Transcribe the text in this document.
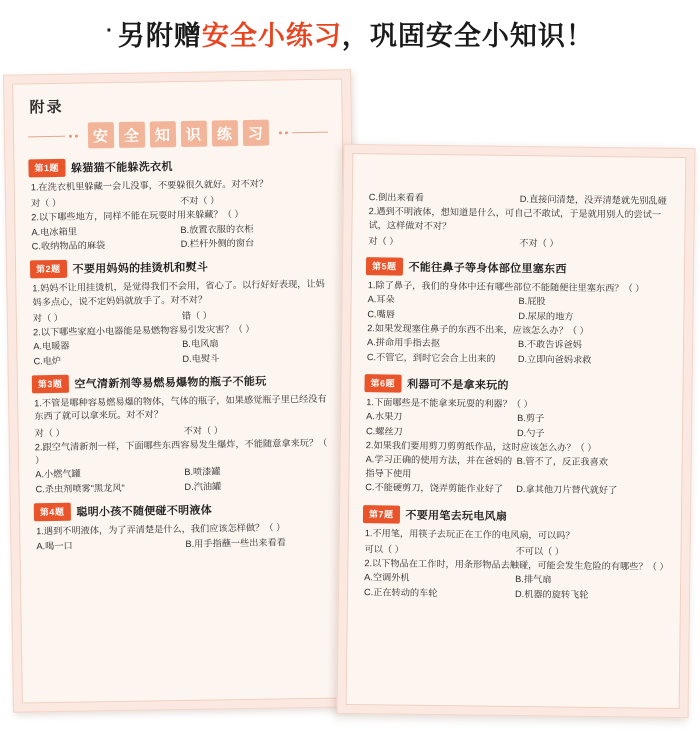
· 另附赠 安全小练习 ，巩固安全小知识！
附录
安	全	知	识	练	习
第1题	躲猫猫不能躲洗衣机
1.在洗衣机里躲藏一会儿没事，不要躲很久就好。对不对？
对（ ）	不对（ ）
2.以下哪些地方，同样不能在玩耍时用来躲藏？（ ）
A.电冰箱里	B.放置衣服的衣柜
C.收纳物品的麻袋	D.栏杆外侧的窗台
第2题	不要用妈妈的挂烫机和熨斗
1.妈妈不让用挂烫机，是觉得我们不会用，省心了。以行好好表现，让妈妈多点心，说不定妈妈就放手了。对不对？
对（ ）	错（ ）
2.以下哪些家庭小电器能是易燃物容易引发灾害？（ ）
A.电暖器	B.电风扇
C.电炉	D.电熨斗
第3题	空气清新剂等易燃易爆物的瓶子不能玩
1.不管是哪种容易燃易爆的物体，气体的瓶子，如果感觉瓶子里已经没有东西了就可以拿来玩。对不对？
对（ ）	不对（ ）
2.跟空气清新剂一样，下面哪些东西容易发生爆炸，不能随意拿来玩？（ ）
A.小燃气罐	B.喷漆罐
C.杀虫剂喷雾"黑龙风"	D.汽油罐
第4题	聪明小孩不随便碰不明液体
1.遇到不明液体，为了弄清楚是什么，我们应该怎样做？（ ）
A.喝一口	B.用手指蘸一些出来看看
C.倒出来看看	D.直接问清楚，没弄清楚就先别乱碰
2.遇到不明液体，想知道是什么，可自己不敢试，于是就用别人的尝试一试，这样做对不对？
对（ ）	不对（ ）
第5题	不能往鼻子等身体部位里塞东西
1.除了鼻子，我们的身体中还有哪些部位不能随便往里塞东西？（ ）
A.耳朵	B.屁股
C.嘴唇	D.尿尿的地方
2.如果发现塞住鼻子的东西不出来，应该怎么办？（ ）
A.拼命用手指去抠	B.不敢告诉爸妈
C.不管它，到时它会合上出来的	D.立即向爸妈求救
第6题	利器可不是拿来玩的
1.下面哪些是不能拿来玩耍的利器？（ ）
A.水果刀	B.剪子
C.螺丝刀	D.勺子
2.如果我们要用剪刀剪剪纸作品，这时应该怎么办？（ ）
A.学习正确的使用方法，并在爸妈的指导下使用
B.管不了，反正我喜欢
C.不能硬剪刀，饶弄剪能作业好了	D.拿其他刀片替代就好了
第7题	不要用笔去玩电风扇
1.不用笔，用筷子去玩正在工作的电风扇，可以吗？
可以（ ）	不可以（ ）
2.以下物品在工作时，用条形物品去触碰，可能会发生危险的有哪些？（ ）
A.空调外机	B.排气扇
C.正在转动的车轮	D.机器的旋转飞轮
